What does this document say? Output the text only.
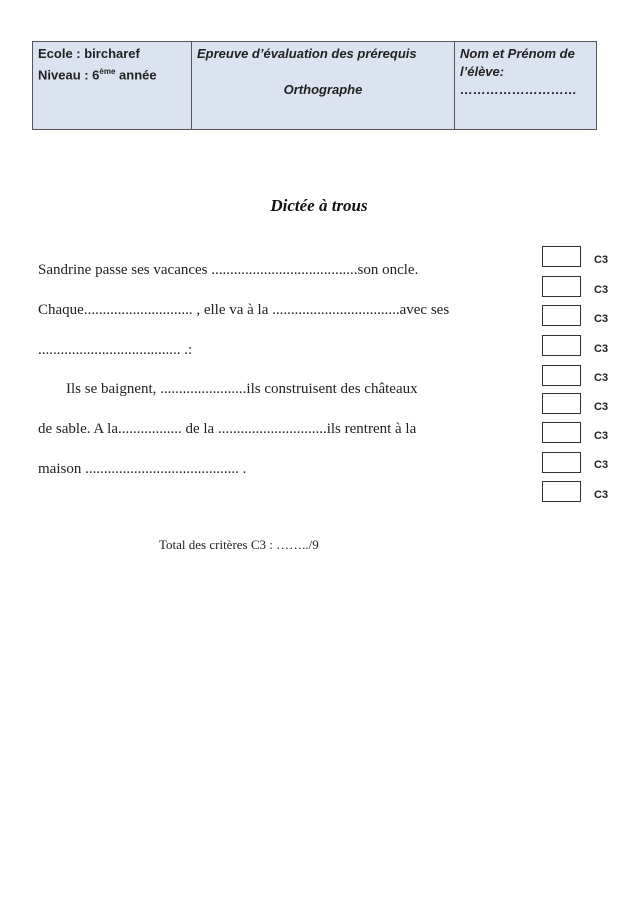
Ecole : bircharef
Niveau : 6ème année

Epreuve d’évaluation des prérequis
Orthographe

Nom et Prénom de
l’élève:
………………………
Dictée à trous
Sandrine passe ses vacances .......................................son oncle.
Chaque............................. , elle va à la ..................................avec ses
...................................... .:
Ils se baignent, .......................ils construisent des châteaux
de sable. A la................. de la .............................ils rentrent à la
maison ......................................... .
C3
C3
C3
C3
C3
C3
C3
C3
C3
Total des critères C3 : ……../9
